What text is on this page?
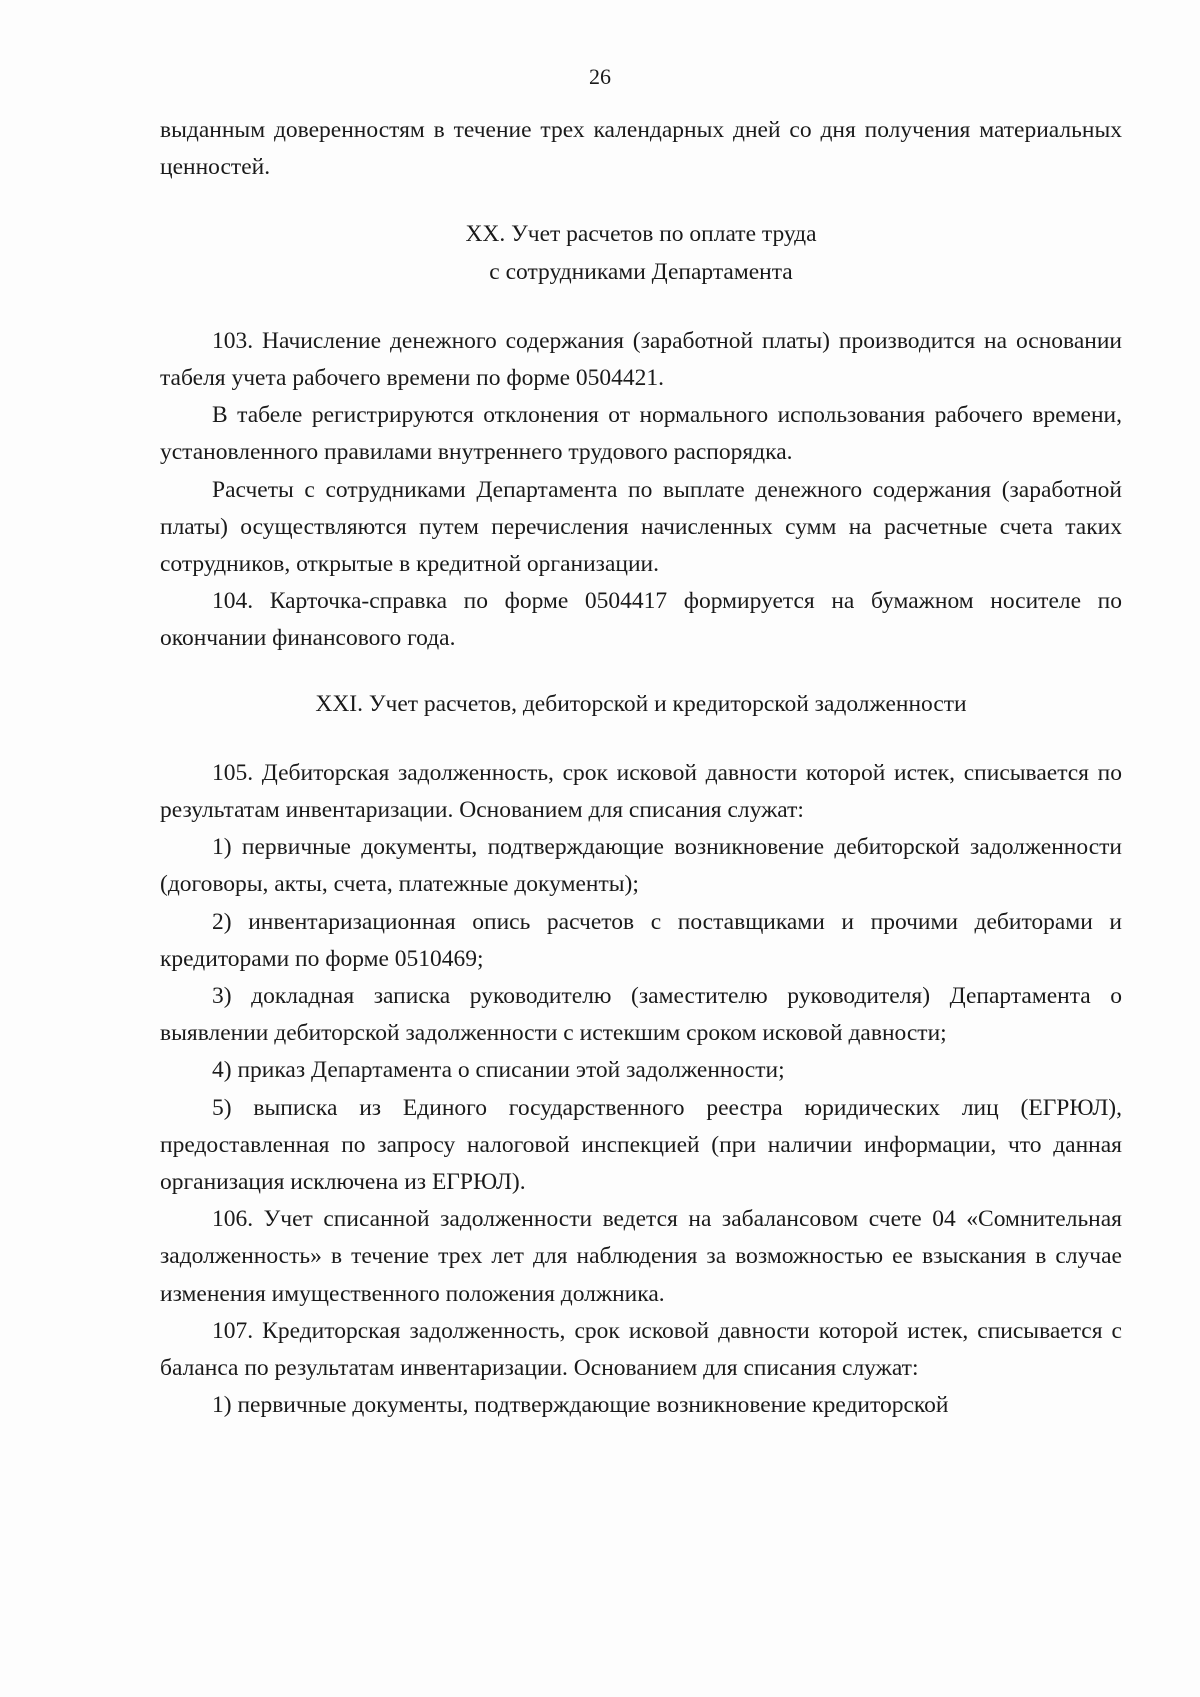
26

выданным доверенностям в течение трех календарных дней со дня получения материальных ценностей.

XX. Учет расчетов по оплате труда

с сотрудниками Департамента

103. Начисление денежного содержания (заработной платы) производится на основании табеля учета рабочего времени по форме 0504421.

В табеле регистрируются отклонения от нормального использования рабочего времени, установленного правилами внутреннего трудового распорядка.

Расчеты с сотрудниками Департамента по выплате денежного содержания (заработной платы) осуществляются путем перечисления начисленных сумм на расчетные счета таких сотрудников, открытые в кредитной организации.

104. Карточка-справка по форме 0504417 формируется на бумажном носителе по окончании финансового года.

XXI. Учет расчетов, дебиторской и кредиторской задолженности

105. Дебиторская задолженность, срок исковой давности которой истек, списывается по результатам инвентаризации. Основанием для списания служат:

1) первичные документы, подтверждающие возникновение дебиторской задолженности (договоры, акты, счета, платежные документы);

2) инвентаризационная опись расчетов с поставщиками и прочими дебиторами и кредиторами по форме 0510469;

3) докладная записка руководителю (заместителю руководителя) Департамента о выявлении дебиторской задолженности с истекшим сроком исковой давности;

4) приказ Департамента о списании этой задолженности;

5) выписка из Единого государственного реестра юридических лиц (ЕГРЮЛ), предоставленная по запросу налоговой инспекцией (при наличии информации, что данная организация исключена из ЕГРЮЛ).

106. Учет списанной задолженности ведется на забалансовом счете 04 «Сомнительная задолженность» в течение трех лет для наблюдения за возможностью ее взыскания в случае изменения имущественного положения должника.

107. Кредиторская задолженность, срок исковой давности которой истек, списывается с баланса по результатам инвентаризации. Основанием для списания служат:

1) первичные документы, подтверждающие возникновение кредиторской
